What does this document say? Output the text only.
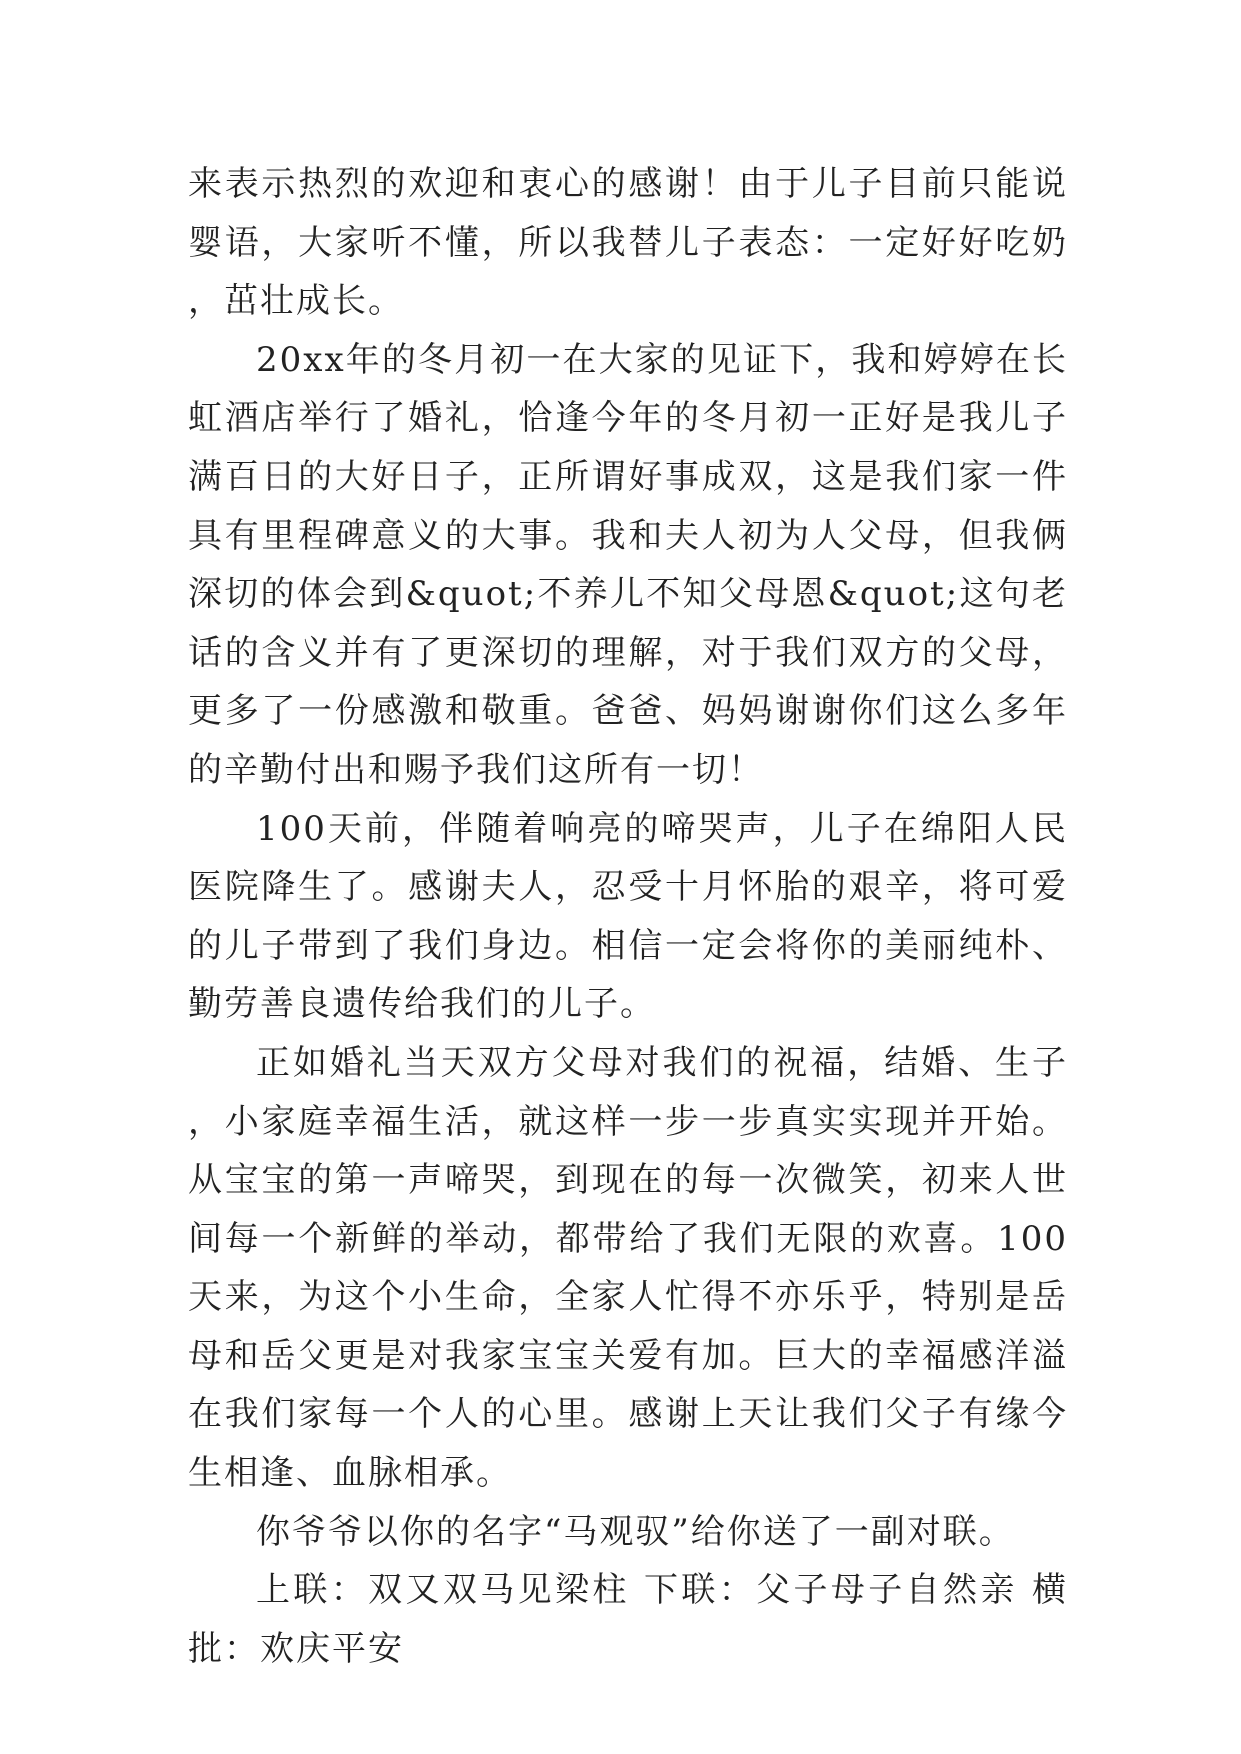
来表示热烈的欢迎和衷心的感谢！由于儿子目前只能说婴语，大家听不懂，所以我替儿子表态：一定好好吃奶，茁壮成长。

20xx年的冬月初一在大家的见证下，我和婷婷在长虹酒店举行了婚礼，恰逢今年的冬月初一正好是我儿子满百日的大好日子，正所谓好事成双，这是我们家一件具有里程碑意义的大事。我和夫人初为人父母，但我俩深切的体会到&quot;不养儿不知父母恩&quot;这句老话的含义并有了更深切的理解，对于我们双方的父母，更多了一份感激和敬重。爸爸、妈妈谢谢你们这么多年的辛勤付出和赐予我们这所有一切！

100天前，伴随着响亮的啼哭声，儿子在绵阳人民医院降生了。感谢夫人，忍受十月怀胎的艰辛，将可爱的儿子带到了我们身边。相信一定会将你的美丽纯朴、勤劳善良遗传给我们的儿子。

正如婚礼当天双方父母对我们的祝福，结婚、生子，小家庭幸福生活，就这样一步一步真实实现并开始。 从宝宝的第一声啼哭，到现在的每一次微笑，初来人世间每一个新鲜的举动，都带给了我们无限的欢喜。100天来，为这个小生命，全家人忙得不亦乐乎，特别是岳母和岳父更是对我家宝宝关爱有加。巨大的幸福感洋溢在我们家每一个人的心里。感谢上天让我们父子有缘今生相逢、血脉相承。

你爷爷以你的名字“马观驭”给你送了一副对联。

上联：双又双马见梁柱 下联：父子母子自然亲 横批：欢庆平安
